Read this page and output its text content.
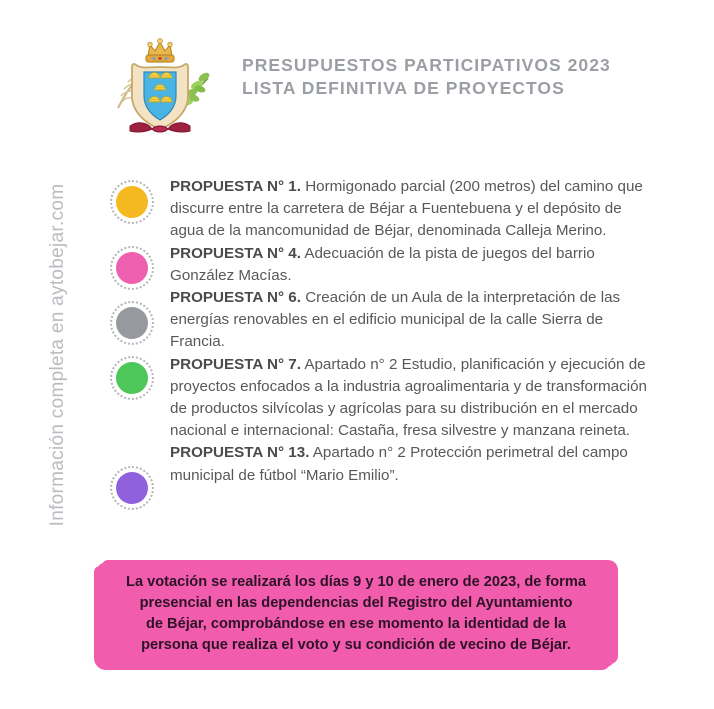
Información completa en aytobejar.com
PRESUPUESTOS PARTICIPATIVOS 2023
LISTA DEFINITIVA DE PROYECTOS

PROPUESTA N° 1. Hormigonado parcial (200 metros) del camino que discurre entre la carretera de Béjar a Fuentebuena y el depósito de agua de la mancomunidad de Béjar, denominada Calleja Merino.

PROPUESTA N° 4. Adecuación de la pista de juegos del barrio González Macías.

PROPUESTA N° 6. Creación de un Aula de la interpretación de las energías renovables en el edificio municipal de la calle Sierra de Francia.

PROPUESTA N° 7. Apartado n° 2 Estudio, planificación y ejecución de proyectos enfocados a la industria agroalimentaria y de transformación de productos silvícolas y agrícolas para su distribución en el mercado nacional e internacional: Castaña, fresa silvestre y manzana reineta.

PROPUESTA N° 13. Apartado n° 2 Protección perimetral del campo municipal de fútbol “Mario Emilio”.

La votación se realizará los días 9 y 10 de enero de 2023, de forma
presencial en las dependencias del Registro del Ayuntamiento
de Béjar, comprobándose en ese momento la identidad de la
persona que realiza el voto y su condición de vecino de Béjar.
